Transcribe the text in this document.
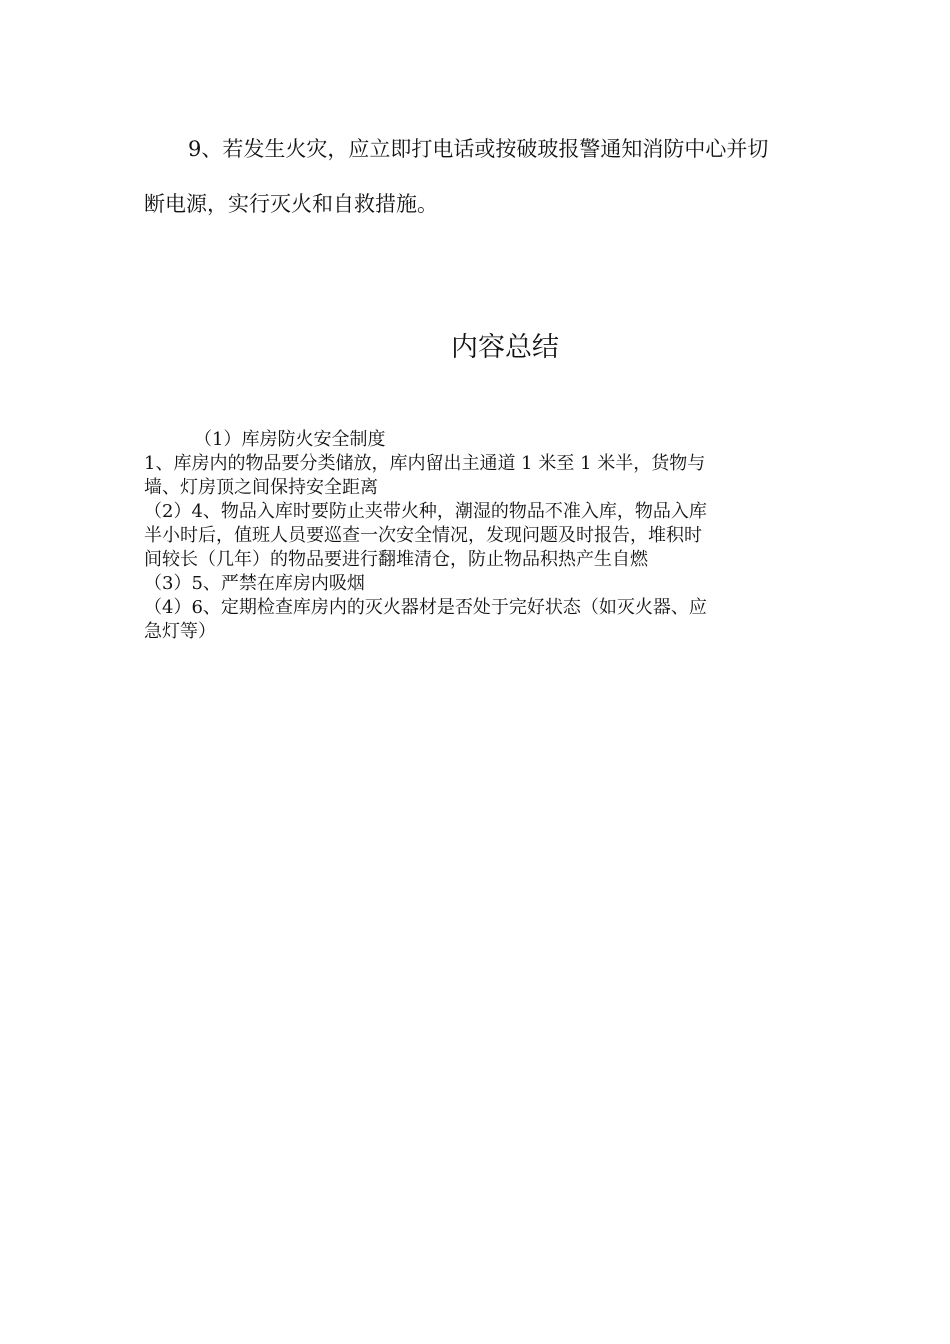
9、若发生火灾，应立即打电话或按破玻报警通知消防中心并切
断电源，实行灭火和自救措施。
内容总结
（1）库房防火安全制度
1、库房内的物品要分类储放，库内留出主通道 1 米至 1 米半，货物与
墙、灯房顶之间保持安全距离
（2）4、物品入库时要防止夹带火种，潮湿的物品不准入库，物品入库
半小时后，值班人员要巡查一次安全情况，发现问题及时报告，堆积时
间较长（几年）的物品要进行翻堆清仓，防止物品积热产生自燃
（3）5、严禁在库房内吸烟
（4）6、定期检查库房内的灭火器材是否处于完好状态（如灭火器、应
急灯等）
